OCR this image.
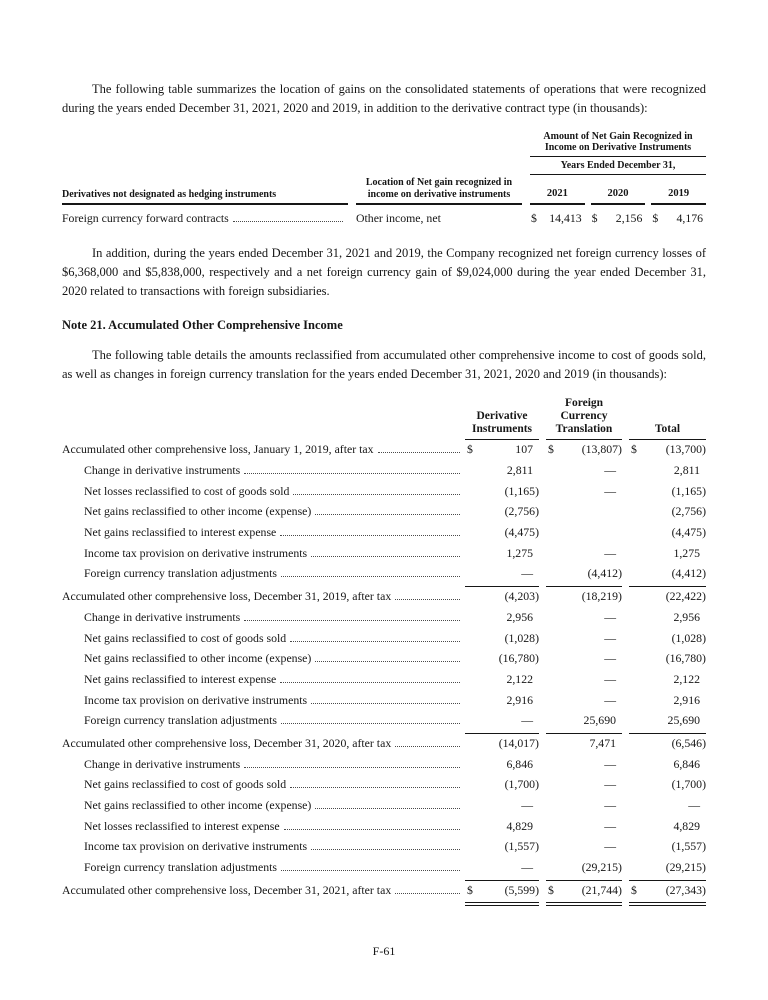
The following table summarizes the location of gains on the consolidated statements of operations that were recognized during the years ended December 31, 2021, 2020 and 2019, in addition to the derivative contract type (in thousands):

Amount of Net Gain Recognized in Income on Derivative Instruments
Years Ended December 31,
Derivatives not designated as hedging instruments
Location of Net gain recognized in income on derivative instruments	2021	2020	2019
Foreign currency forward contracts	Other income, net	$ 14,413 $ 2,156 $ 4,176

In addition, during the years ended December 31, 2021 and 2019, the Company recognized net foreign currency losses of $6,368,000 and $5,838,000, respectively and a net foreign currency gain of $9,024,000 during the year ended December 31, 2020 related to transactions with foreign subsidiaries.

Note 21. Accumulated Other Comprehensive Income

The following table details the amounts reclassified from accumulated other comprehensive income to cost of goods sold, as well as changes in foreign currency translation for the years ended December 31, 2021, 2020 and 2019 (in thousands):

	Derivative Instruments		Foreign Currency Translation		Total

Accumulated other comprehensive loss, January 1, 2019, after tax	$ 107		$ (13,807)		$ (13,700)

Change in derivative instruments	2,811		—		2,811

Net losses reclassified to cost of goods sold	(1,165)		—		(1,165)

Net gains reclassified to other income (expense)	(2,756)				(2,756)

Net gains reclassified to interest expense	(4,475)				(4,475)

Income tax provision on derivative instruments	1,275		—		1,275

Foreign currency translation adjustments	—		(4,412)		(4,412)

Accumulated other comprehensive loss, December 31, 2019, after tax	(4,203)		(18,219)		(22,422)

Change in derivative instruments	2,956		—		2,956

Net gains reclassified to cost of goods sold	(1,028)		—		(1,028)

Net gains reclassified to other income (expense)	(16,780)		—		(16,780)

Net gains reclassified to interest expense	2,122		—		2,122

Income tax provision on derivative instruments	2,916		—		2,916

Foreign currency translation adjustments	—		25,690		25,690

Accumulated other comprehensive loss, December 31, 2020, after tax	(14,017)		7,471		(6,546)

Change in derivative instruments	6,846		—		6,846

Net gains reclassified to cost of goods sold	(1,700)		—		(1,700)

Net gains reclassified to other income (expense)	—		—		—

Net losses reclassified to interest expense	4,829		—		4,829

Income tax provision on derivative instruments	(1,557)		—		(1,557)

Foreign currency translation adjustments	—		(29,215)		(29,215)

Accumulated other comprehensive loss, December 31, 2021, after tax	$ (5,599)		$ (21,744)		$ (27,343)
F-61
